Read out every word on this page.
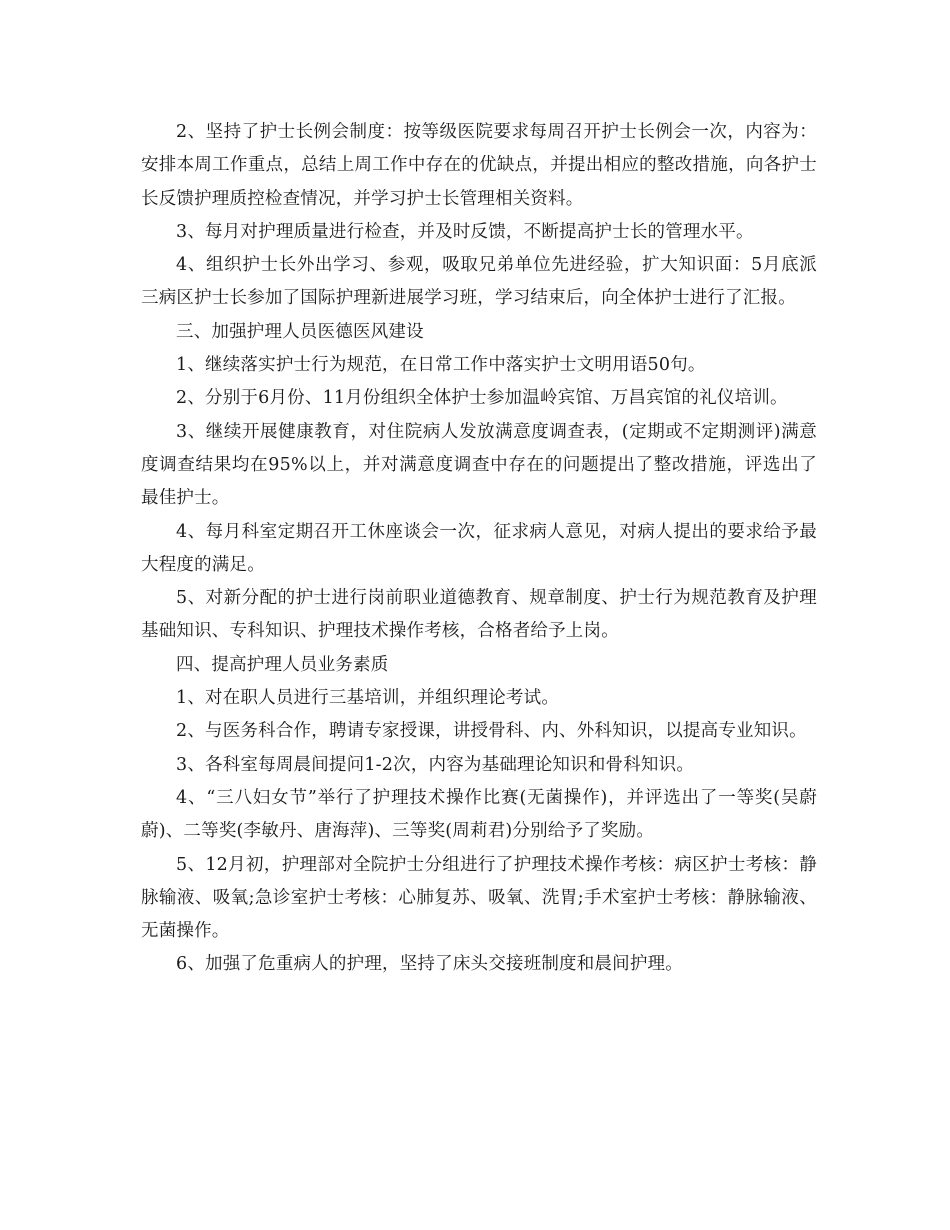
2、坚持了护士长例会制度：按等级医院要求每周召开护士长例会一次，内容为：安排本周工作重点，总结上周工作中存在的优缺点，并提出相应的整改措施，向各护士长反馈护理质控检查情况，并学习护士长管理相关资料。

3、每月对护理质量进行检查，并及时反馈，不断提高护士长的管理水平。

4、组织护士长外出学习、参观，吸取兄弟单位先进经验，扩大知识面：5月底派三病区护士长参加了国际护理新进展学习班，学习结束后，向全体护士进行了汇报。

三、加强护理人员医德医风建设

1、继续落实护士行为规范，在日常工作中落实护士文明用语50句。

2、分别于6月份、11月份组织全体护士参加温岭宾馆、万昌宾馆的礼仪培训。

3、继续开展健康教育，对住院病人发放满意度调查表，(定期或不定期测评)满意度调查结果均在95%以上，并对满意度调查中存在的问题提出了整改措施，评选出了最佳护士。

4、每月科室定期召开工休座谈会一次，征求病人意见，对病人提出的要求给予最大程度的满足。

5、对新分配的护士进行岗前职业道德教育、规章制度、护士行为规范教育及护理基础知识、专科知识、护理技术操作考核，合格者给予上岗。

四、提高护理人员业务素质

1、对在职人员进行三基培训，并组织理论考试。

2、与医务科合作，聘请专家授课，讲授骨科、内、外科知识，以提高专业知识。

3、各科室每周晨间提问1-2次，内容为基础理论知识和骨科知识。

4、“三八妇女节”举行了护理技术操作比赛(无菌操作)，并评选出了一等奖(吴蔚蔚)、二等奖(李敏丹、唐海萍)、三等奖(周莉君)分别给予了奖励。

5、12月初，护理部对全院护士分组进行了护理技术操作考核：病区护士考核：静脉输液、吸氧;急诊室护士考核：心肺复苏、吸氧、洗胃;手术室护士考核：静脉输液、无菌操作。

6、加强了危重病人的护理，坚持了床头交接班制度和晨间护理。
